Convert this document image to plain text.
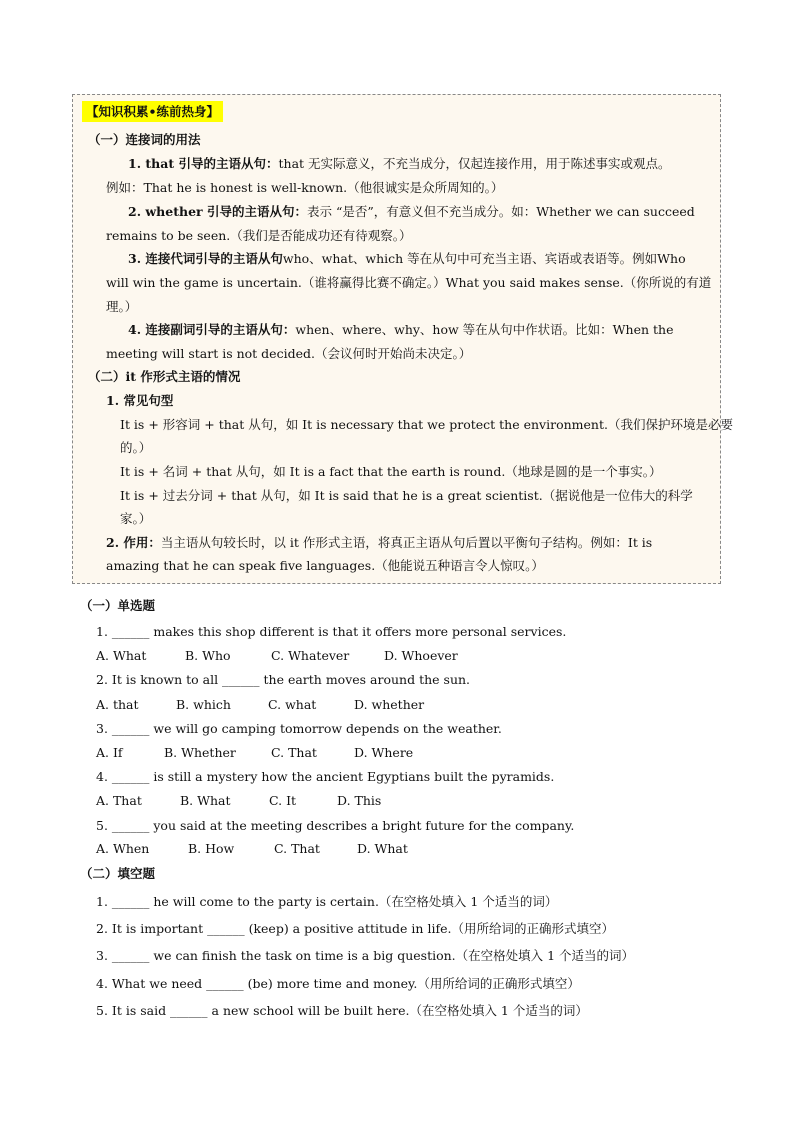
【知识积累•练前热身】
（一）连接词的用法
1. that 引导的主语从句：that 无实际意义，不充当成分，仅起连接作用，用于陈述事实或观点。
例如：That he is honest is well-known.（他很诚实是众所周知的。）
2. whether 引导的主语从句：表示 “是否”，有意义但不充当成分。如：Whether we can succeed
remains to be seen.（我们是否能成功还有待观察。）
3. 连接代词引导的主语从句who、what、which 等在从句中可充当主语、宾语或表语等。例如Who
will win the game is uncertain.（谁将赢得比赛不确定。）What you said makes sense.（你所说的有道
理。）
4. 连接副词引导的主语从句：when、where、why、how 等在从句中作状语。比如：When the
meeting will start is not decided.（会议何时开始尚未决定。）
（二）it 作形式主语的情况
1. 常见句型
It is + 形容词 + that 从句，如 It is necessary that we protect the environment.（我们保护环境是必要
的。）
It is + 名词 + that 从句，如 It is a fact that the earth is round.（地球是圆的是一个事实。）
It is + 过去分词 + that 从句，如 It is said that he is a great scientist.（据说他是一位伟大的科学
家。）
2. 作用：当主语从句较长时，以 it 作形式主语，将真正主语从句后置以平衡句子结构。例如：It is
amazing that he can speak five languages.（他能说五种语言令人惊叹。）
（一）单选题
1. ______ makes this shop different is that it offers more personal services.
A. What	B. Who	C. Whatever	D. Whoever
2. It is known to all ______ the earth moves around the sun.
A. that	B. which	C. what	D. whether
3. ______ we will go camping tomorrow depends on the weather.
A. If	B. Whether	C. That	D. Where
4. ______ is still a mystery how the ancient Egyptians built the pyramids.
A. That	B. What	C. It	D. This
5. ______ you said at the meeting describes a bright future for the company.
A. When	B. How	C. That	D. What
（二）填空题
1. ______ he will come to the party is certain.（在空格处填入 1 个适当的词）
2. It is important ______ (keep) a positive attitude in life.（用所给词的正确形式填空）
3. ______ we can finish the task on time is a big question.（在空格处填入 1 个适当的词）
4. What we need ______ (be) more time and money.（用所给词的正确形式填空）
5. It is said ______ a new school will be built here.（在空格处填入 1 个适当的词）
